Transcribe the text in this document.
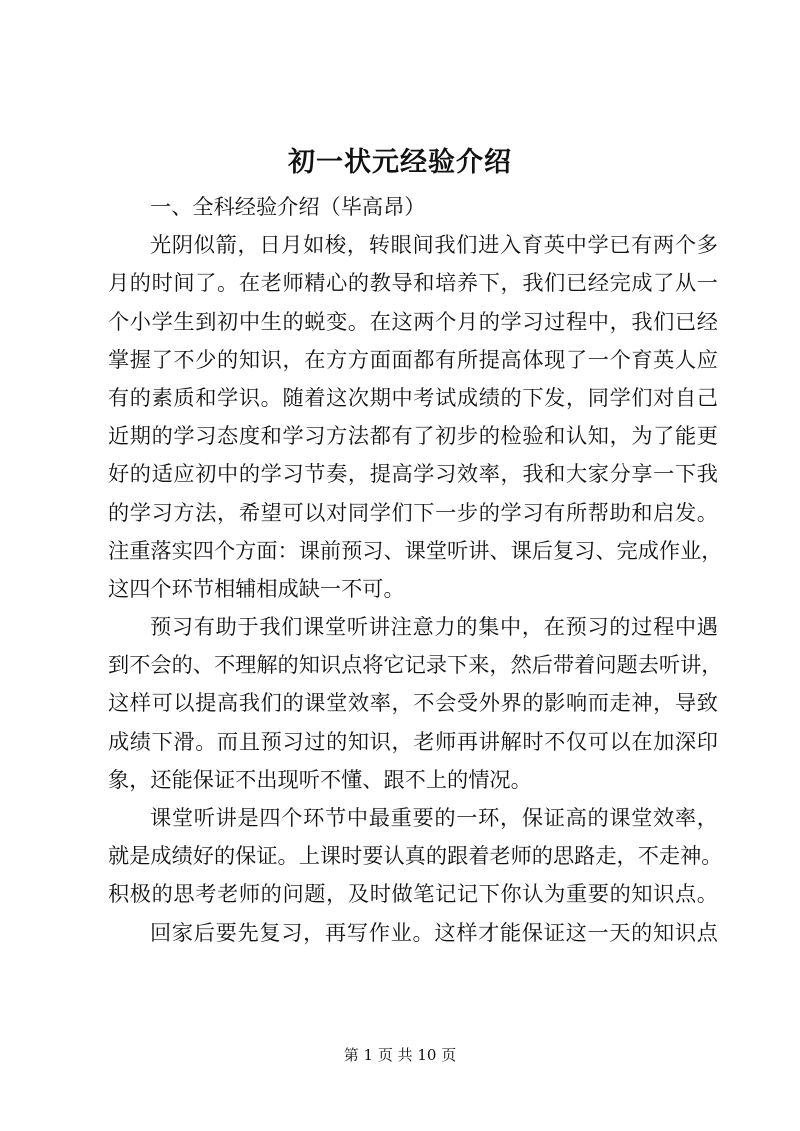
初一状元经验介绍
一、全科经验介绍（毕高昂）
光阴似箭，日月如梭，转眼间我们进入育英中学已有两个多
月的时间了。在老师精心的教导和培养下，我们已经完成了从一
个小学生到初中生的蜕变。在这两个月的学习过程中，我们已经
掌握了不少的知识，在方方面面都有所提高体现了一个育英人应
有的素质和学识。随着这次期中考试成绩的下发，同学们对自己
近期的学习态度和学习方法都有了初步的检验和认知，为了能更
好的适应初中的学习节奏，提高学习效率，我和大家分享一下我
的学习方法，希望可以对同学们下一步的学习有所帮助和启发。
注重落实四个方面：课前预习、课堂听讲、课后复习、完成作业，
这四个环节相辅相成缺一不可。
预习有助于我们课堂听讲注意力的集中，在预习的过程中遇
到不会的、不理解的知识点将它记录下来，然后带着问题去听讲，
这样可以提高我们的课堂效率，不会受外界的影响而走神，导致
成绩下滑。而且预习过的知识，老师再讲解时不仅可以在加深印
象，还能保证不出现听不懂、跟不上的情况。
课堂听讲是四个环节中最重要的一环，保证高的课堂效率，
就是成绩好的保证。上课时要认真的跟着老师的思路走，不走神。
积极的思考老师的问题，及时做笔记记下你认为重要的知识点。
回家后要先复习，再写作业。这样才能保证这一天的知识点
第 1 页 共 10 页
